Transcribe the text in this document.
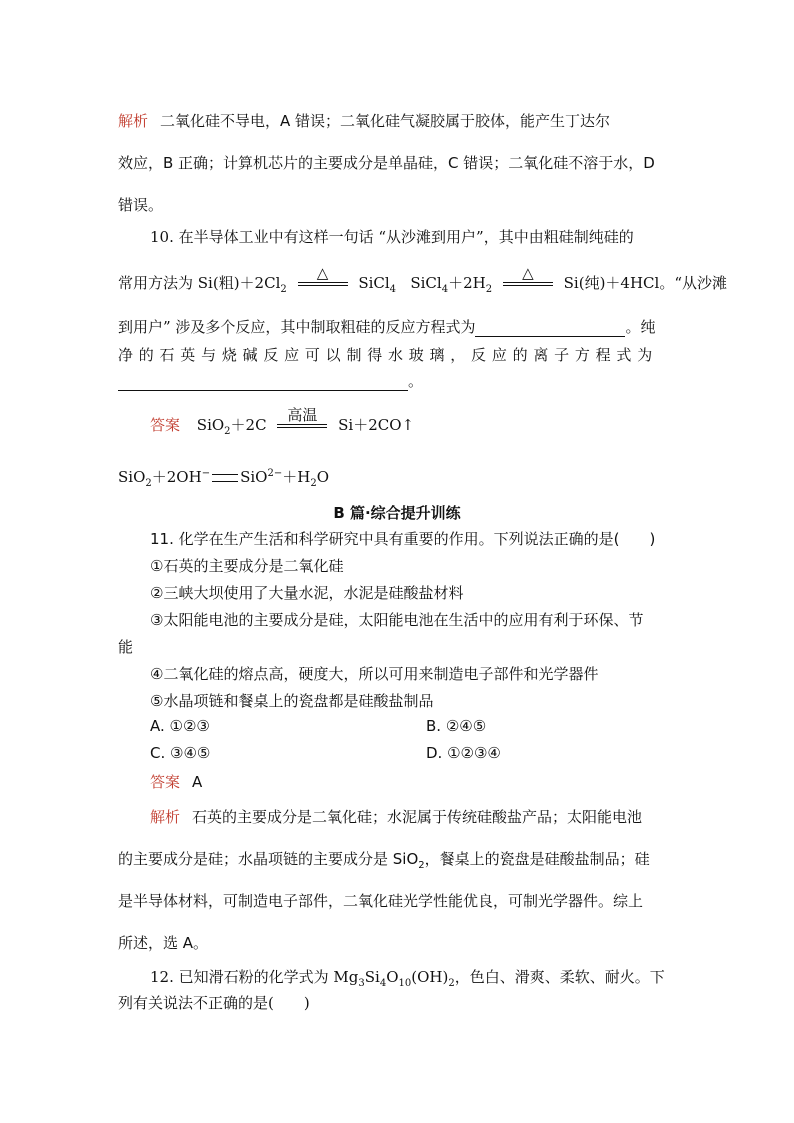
解析 二氧化硅不导电，A 错误；二氧化硅气凝胶属于胶体，能产生丁达尔
效应，B 正确；计算机芯片的主要成分是单晶硅，C 错误；二氧化硅不溶于水，D
错误。
10. 在半导体工业中有这样一句话 “从沙滩到用户”，其中由粗硅制纯硅的
常用方法为 Si(粗)$+2Cl_2$
△
SiCl$_4$ $SiCl_4+2H_2$
△
Si(纯)＋4HCl。“从沙滩
到用户” 涉及多个反应，其中制取粗硅的反应方程式为	。纯
净 的 石 英 与 烧 碱 反 应 可 以 制 得 水 玻 璃 ， 反 应 的 离 子 方 程 式 为
。
答案 SiO$_2$＋2C
高温
Si＋2CO↑
SiO$_2$＋2OH− $SiO^{2-}+H_2O$
B 篇·综合提升训练
11. 化学在生产生活和科学研究中具有重要的作用。下列说法正确的是(　　)
①石英的主要成分是二氧化硅
②三峡大坝使用了大量水泥，水泥是硅酸盐材料
③太阳能电池的主要成分是硅，太阳能电池在生活中的应用有利于环保、节
能
④二氧化硅的熔点高，硬度大，所以可用来制造电子部件和光学器件
⑤水晶项链和餐桌上的瓷盘都是硅酸盐制品
A. ①②③	B. ②④⑤
C. ③④⑤	D. ①②③④
答案 A
解析 石英的主要成分是二氧化硅；水泥属于传统硅酸盐产品；太阳能电池
的主要成分是硅；水晶项链的主要成分是 SiO$_2$，餐桌上的瓷盘是硅酸盐制品；硅
是半导体材料，可制造电子部件，二氧化硅光学性能优良，可制光学器件。综上
所述，选 A。
12. 已知滑石粉的化学式为 $Mg_3Si_4O_{10}(OH)_2$，色白、滑爽、柔软、耐火。下
列有关说法不正确的是(　　)
